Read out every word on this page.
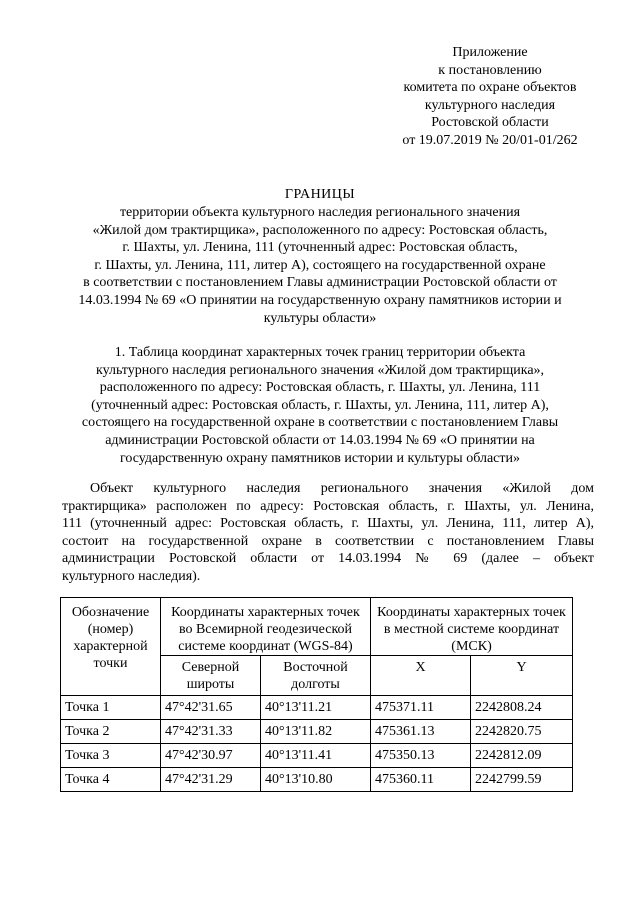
Приложение
к постановлению
комитета по охране объектов
культурного наследия
Ростовской области
от 19.07.2019 № 20/01-01/262
ГРАНИЦЫ
территории объекта культурного наследия регионального значения
«Жилой дом трактирщика», расположенного по адресу: Ростовская область,
г. Шахты, ул. Ленина, 111 (уточненный адрес: Ростовская область,
г. Шахты, ул. Ленина, 111, литер А), состоящего на государственной охране
в соответствии с постановлением Главы администрации Ростовской области от
14.03.1994 № 69 «О принятии на государственную охрану памятников истории и
культуры области»
1. Таблица координат характерных точек границ территории объекта
культурного наследия регионального значения «Жилой дом трактирщика»,
расположенного по адресу: Ростовская область, г. Шахты, ул. Ленина, 111
(уточненный адрес: Ростовская область, г. Шахты, ул. Ленина, 111, литер А),
состоящего на государственной охране в соответствии с постановлением Главы
администрации Ростовской области от 14.03.1994 № 69 «О принятии на
государственную охрану памятников истории и культуры области»
Объект культурного наследия регионального значения «Жилой дом
трактирщика» расположен по адресу: Ростовская область, г. Шахты, ул. Ленина,
111 (уточненный адрес: Ростовская область, г. Шахты, ул. Ленина, 111, литер А),
состоит на государственной охране в соответствии с постановлением Главы
администрации Ростовской области от 14.03.1994 № 69 (далее – объект
культурного наследия).
Обозначение (номер) характерной точки	Координаты характерных точек во Всемирной геодезической системе координат (WGS-84)		Координаты характерных точек в местной системе координат (МСК)	
	Северной широты	Восточной долготы	X	Y
Точка 1	47°42'31.65	40°13'11.21	475371.11	2242808.24
Точка 2	47°42'31.33	40°13'11.82	475361.13	2242820.75
Точка 3	47°42'30.97	40°13'11.41	475350.13	2242812.09
Точка 4	47°42'31.29	40°13'10.80	475360.11	2242799.59
